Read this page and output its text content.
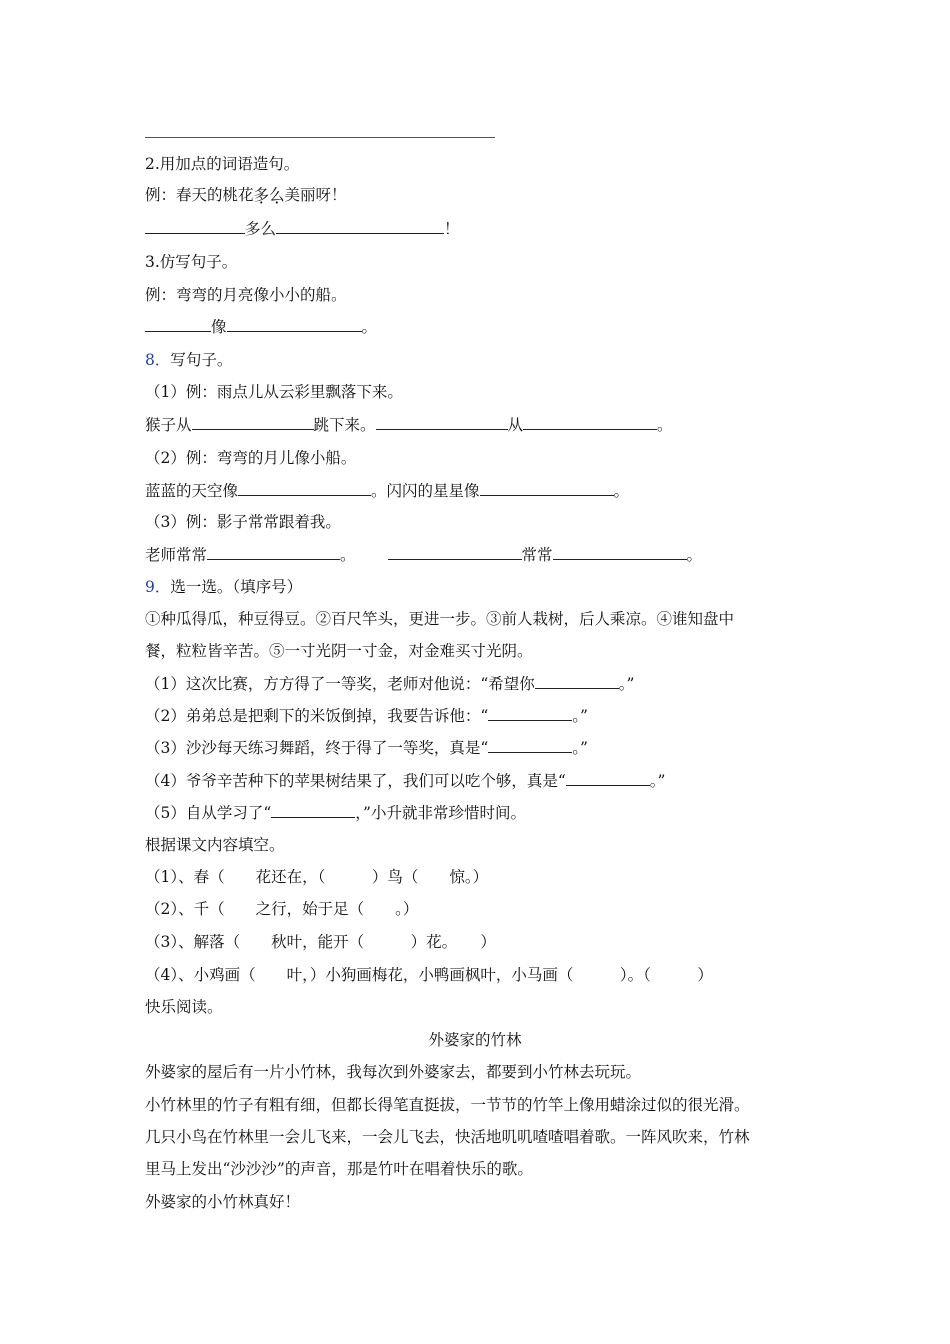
2.用加点的词语造句。
例：春天的桃花多么美丽呀！
多么	！
3.仿写句子。
例：弯弯的月亮像小小的船。
像	。
8．写句子。
（1）例：雨点儿从云彩里飘落下来。
猴子从	跳下来。	从	。
（2）例：弯弯的月儿像小船。
蓝蓝的天空像	。闪闪的星星像	。
（3）例：影子常常跟着我。
老师常常	。	常常	。
9．选一选。（填序号）
①种瓜得瓜，种豆得豆。②百尺竿头，更进一步。③前人栽树，后人乘凉。④谁知盘中
餐，粒粒皆辛苦。⑤一寸光阴一寸金，对金难买寸光阴。
（1）这次比赛，方方得了一等奖，老师对他说：“希望你	。”
（2）弟弟总是把剩下的米饭倒掉，我要告诉他：“	。”
（3）沙沙每天练习舞蹈，终于得了一等奖，真是“	。”
（4）爷爷辛苦种下的苹果树结果了，我们可以吃个够，真是“	。”
（5）自从学习了“	，”小升就非常珍惜时间。
根据课文内容填空。
（1）、春（　　花还在，（　　　）鸟（　　惊。）
（2）、千（　　之行，始于足（　　。）
（3）、解落（　　秋叶，能开（　　　）花。　　）
（4）、小鸡画（　　叶，）小狗画梅花，小鸭画枫叶，小马画（　　　）。（　　　）
快乐阅读。
外婆家的竹林
外婆家的屋后有一片小竹林，我每次到外婆家去，都要到小竹林去玩玩。
小竹林里的竹子有粗有细，但都长得笔直挺拔，一节节的竹竿上像用蜡涂过似的很光滑。
几只小鸟在竹林里一会儿飞来，一会儿飞去，快活地叽叽喳喳唱着歌。一阵风吹来，竹林
里马上发出“沙沙沙”的声音，那是竹叶在唱着快乐的歌。
外婆家的小竹林真好！
